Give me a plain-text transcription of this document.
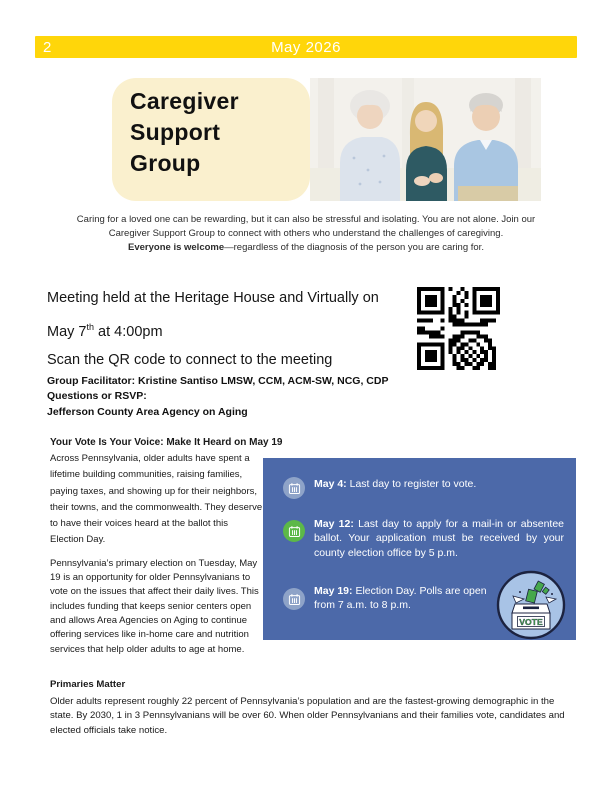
2	May 2026
Caregiver
Support
Group
Caring for a loved one can be rewarding, but it can also be stressful and isolating. You are not alone. Join our Caregiver Support Group to connect with others who understand the challenges of caregiving.
Everyone is welcome—regardless of the diagnosis of the person you are caring for.
Meeting held at the Heritage House and Virtually on
May 7th at 4:00pm
Scan the QR code to connect to the meeting
Group Facilitator: Kristine Santiso LMSW, CCM, ACM-SW, NCG, CDP
Questions or RSVP:
Jefferson County Area Agency on Aging
Your Vote Is Your Voice: Make It Heard on May 19
May 4: Last day to register to vote.
May 12: Last day to apply for a mail-in or absentee ballot. Your application must be received by your county election office by 5 p.m.
May 19: Election Day. Polls are open from 7 a.m. to 8 p.m.
VOTE

Across Pennsylvania, older adults have spent a lifetime building communities, raising families, paying taxes, and showing up for their neighbors, their towns, and the commonwealth. They deserve to have their voices heard at the ballot this Election Day.

Pennsylvania’s primary election on Tuesday, May 19 is an opportunity for older Pennsylvanians to vote on the issues that affect their daily lives. This includes funding that keeps senior centers open and allows Area Agencies on Aging to continue offering services like in-home care and nutrition services that help older adults to age at home.

Primaries Matter

Older adults represent roughly 22 percent of Pennsylvania’s population and are the fastest-growing demographic in the state. By 2030, 1 in 3 Pennsylvanians will be over 60. When older Pennsylvanians and their families vote, candidates and elected officials take notice.
